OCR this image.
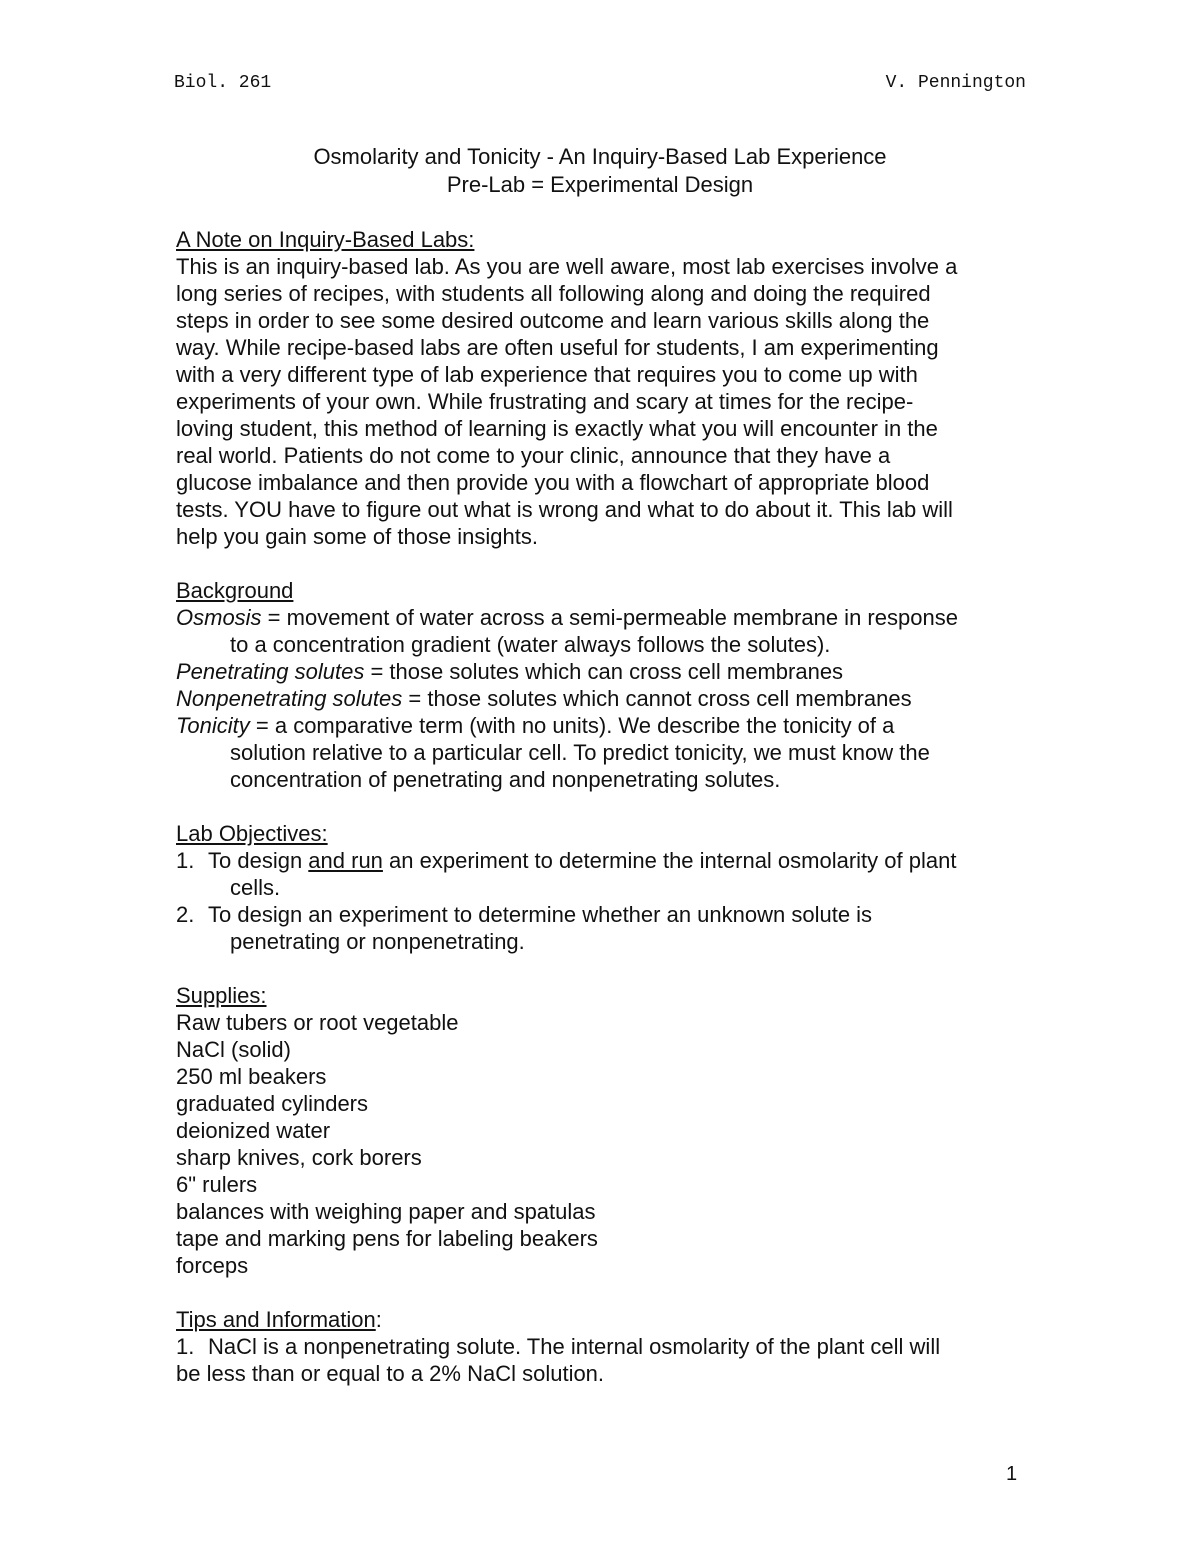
Biol. 261	V. Pennington
Osmolarity and Tonicity - An Inquiry-Based Lab Experience
Pre-Lab = Experimental Design

A Note on Inquiry-Based Labs:

This is an inquiry-based lab. As you are well aware, most lab exercises involve a

long series of recipes, with students all following along and doing the required

steps in order to see some desired outcome and learn various skills along the

way. While recipe-based labs are often useful for students, I am experimenting

with a very different type of lab experience that requires you to come up with

experiments of your own. While frustrating and scary at times for the recipe-

loving student, this method of learning is exactly what you will encounter in the

real world. Patients do not come to your clinic, announce that they have a

glucose imbalance and then provide you with a flowchart of appropriate blood

tests. YOU have to figure out what is wrong and what to do about it. This lab will

help you gain some of those insights.

Background

Osmosis = movement of water across a semi-permeable membrane in response

to a concentration gradient (water always follows the solutes).

Penetrating solutes = those solutes which can cross cell membranes

Nonpenetrating solutes = those solutes which cannot cross cell membranes

Tonicity = a comparative term (with no units). We describe the tonicity of a

solution relative to a particular cell. To predict tonicity, we must know the

concentration of penetrating and nonpenetrating solutes.

Lab Objectives:

1. To design and run an experiment to determine the internal osmolarity of plant

cells.

2. To design an experiment to determine whether an unknown solute is

penetrating or nonpenetrating.

Supplies:

Raw tubers or root vegetable

NaCl (solid)

250 ml beakers

graduated cylinders

deionized water

sharp knives, cork borers

6" rulers

balances with weighing paper and spatulas

tape and marking pens for labeling beakers

forceps

Tips and Information:

1. NaCl is a nonpenetrating solute. The internal osmolarity of the plant cell will

be less than or equal to a 2% NaCl solution.

1
